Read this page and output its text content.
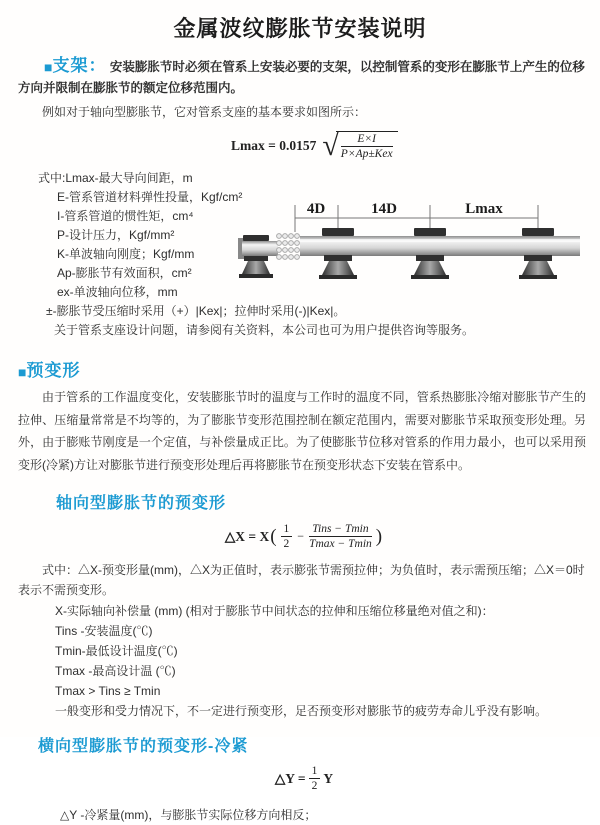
金属波纹膨胀节安装说明

■支架： 安装膨胀节时必须在管系上安装必要的支架，以控制管系的变形在膨胀节上产生的位移方向并限制在膨胀节的额定位移范围内。

例如对于轴向型膨胀节，它对管系支座的基本要求如图所示：

Lmax = 0.0157 √	E×I
P×Ap±Kex
式中:Lmax-最大导向间距，m
E-管系管道材料弹性投量，Kgf/cm²
I-管系管道的惯性矩，cm⁴
P-设计压力，Kgf/mm²
K-单波轴向刚度；Kgf/mm
Ap-膨胀节有效面积，cm²
ex-单波轴向位移，mm
±-膨胀节受压缩时采用（+）|Kex|；拉伸时采用(-)|Kex|。
关于管系支座设计问题，请参阅有关资料，本公司也可为用户提供咨询等服务。
4D	14D	Lmax

■预变形

由于管系的工作温度变化，安装膨胀节时的温度与工作时的温度不同，管系热膨胀冷缩对膨胀节产生的拉伸、压缩量常常是不均等的，为了膨胀节变形范围控制在额定范围内，需要对膨胀节采取预变形处理。另外，由于膨账节刚度是一个定值，与补偿量成正比。为了使膨胀节位移对管系的作用力最小，也可以采用预变形(冷紧)方让对膨胀节进行预变形处理后再将膨胀节在预变形状态下安装在管系中。

轴向型膨胀节的预变形

△X = X ( $\frac{1}{2} - \frac{\text{Tins − Tmin}}{Tmax - Tmin}$ )

式中：△X-预变形量(mm)，△X为正值时，表示膨张节需预拉伸；为负值时，表示需预压缩；△X＝0时表示不需预变形。

X-实际轴向补偿量 (mm) (相对于膨胀节中间状态的拉伸和压缩位移量绝对值之和)：
Tins -安装温度(℃)
Tmin-最低设计温度(℃)
Tmax -最高设计温 (℃)
Tmax > Tins ≥ Tmin
一般变形和受力情况下，不一定进行预变形，足否预变形对膨胀节的疲劳寿命儿乎没有影响。

横向型膨胀节的预变形-冷紧

△Y = $\frac{1}{2}$ Y

△Y -冷紧量(mm)，与膨胀节实际位移方向相反；
